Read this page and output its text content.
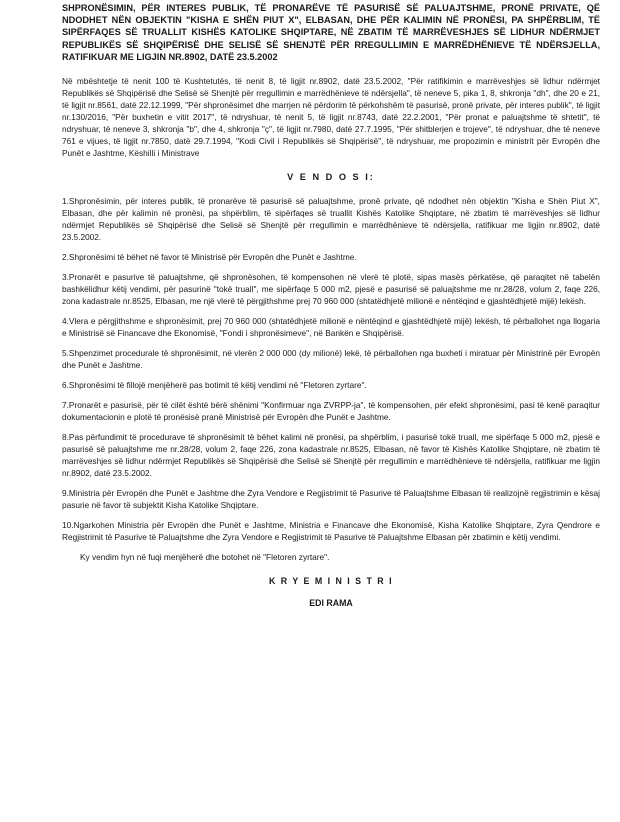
SHPRONËSIMIN, PËR INTERES PUBLIK, TË PRONARËVE TË PASURISË SË PALUAJTSHME, PRONË PRIVATE, QË NDODHET NËN OBJEKTIN "KISHA E SHËN PIUT X", ELBASAN, DHE PËR KALIMIN NË PRONËSI, PA SHPËRBLIM, TË SIPËRFAQES SË TRUALLIT KISHËS KATOLIKE SHQIPTARE, NË ZBATIM TË MARRËVESHJES SË LIDHUR NDËRMJET REPUBLIKËS SË SHQIPËRISË DHE SELISË SË SHENJTË PËR RREGULLIMIN E MARRËDHËNIEVE TË NDËRSJELLA, RATIFIKUAR ME LIGJIN NR.8902, DATË 23.5.2002

Në mbështetje të nenit 100 të Kushtetutës, të nenit 8, të ligjit nr.8902, datë 23.5.2002, "Për ratifikimin e marrëveshjes së lidhur ndërmjet Republikës së Shqipërisë dhe Selisë së Shenjtë për rregullimin e marrëdhënieve të ndërsjella", të neneve 5, pika 1, 8, shkronja "dh", dhe 20 e 21, të ligjit nr.8561, datë 22.12.1999, "Për shpronësimet dhe marrjen në përdorim të përkohshëm të pasurisë, pronë private, për interes publik", të ligjit nr.130/2016, "Për buxhetin e vitit 2017", të ndryshuar, të nenit 5, të ligjit nr.8743, datë 22.2.2001, "Për pronat e paluajtshme të shtetit", të ndryshuar, të neneve 3, shkronja "b", dhe 4, shkronja "ç", të ligjit nr.7980, datë 27.7.1995, "Për shitblerjen e trojeve", të ndryshuar, dhe të neneve 761 e vijues, të ligjit nr.7850, datë 29.7.1994, "Kodi Civil i Republikës së Shqipërisë", të ndryshuar, me propozimin e ministrit për Evropën dhe Punët e Jashtme, Këshilli i Ministrave

V E N D O S I:

1.Shpronësimin, për interes publik, të pronarëve të pasurisë së paluajtshme, pronë private, që ndodhet nën objektin "Kisha e Shën Piut X", Elbasan, dhe për kalimin në pronësi, pa shpërblim, të sipërfaqes së truallit Kishës Katolike Shqiptare, në zbatim të marrëveshjes së lidhur ndërmjet Republikës së Shqipërisë dhe Selisë së Shenjtë për rregullimin e marrëdhënieve të ndërsjella, ratifikuar me ligjin nr.8902, datë 23.5.2002.

2.Shpronësimi të bëhet në favor të Ministrisë për Evropën dhe Punët e Jashtme.

3.Pronarët e pasurive të paluajtshme, që shpronësohen, të kompensohen në vlerë të plotë, sipas masës përkatëse, që paraqitet në tabelën bashkëlidhur këtij vendimi, për pasurinë "tokë truall", me sipërfaqe 5 000 m2, pjesë e pasurisë së paluajtshme me nr.28/28, volum 2, faqe 226, zona kadastrale nr.8525, Elbasan, me një vlerë të përgjithshme prej 70 960 000 (shtatëdhjetë milionë e nëntëqind e gjashtëdhjetë mijë) lekësh.

4.Vlera e përgjithshme e shpronësimit, prej 70 960 000 (shtatëdhjetë milionë e nëntëqind e gjashtëdhjetë mijë) lekësh, të përballohet nga llogaria e Ministrisë së Financave dhe Ekonomisë, "Fondi i shpronësimeve", në Bankën e Shqipërisë.

5.Shpenzimet procedurale të shpronësimit, në vlerën 2 000 000 (dy milionë) lekë, të përballohen nga buxheti i miratuar për Ministrinë për Evropën dhe Punët e Jashtme.

6.Shpronësimi të fillojë menjëherë pas botimit të këtij vendimi në "Fletoren zyrtare".

7.Pronarët e pasurisë, për të cilët është bërë shënimi "Konfirmuar nga ZVRPP-ja", të kompensohen, për efekt shpronësimi, pasi të kenë paraqitur dokumentacionin e plotë të pronësisë pranë Ministrisë për Evropën dhe Punët e Jashtme.

8.Pas përfundimit të procedurave të shpronësimit të bëhet kalimi në pronësi, pa shpërblim, i pasurisë tokë truall, me sipërfaqe 5 000 m2, pjesë e pasurisë së paluajtshme me nr.28/28, volum 2, faqe 226, zona kadastrale nr.8525, Elbasan, në favor të Kishës Katolike Shqiptare, në zbatim të marrëveshjes së lidhur ndërmjet Republikës së Shqipërisë dhe Selisë së Shenjtë për rregullimin e marrëdhënieve të ndërsjella, ratifikuar me ligjin nr.8902, datë 23.5.2002.

9.Ministria për Evropën dhe Punët e Jashtme dhe Zyra Vendore e Regjistrimit të Pasurive të Paluajtshme Elbasan të realizojnë regjistrimin e kësaj pasurie në favor të subjektit Kisha Katolike Shqiptare.

10.Ngarkohen Ministria për Evropën dhe Punët e Jashtme, Ministria e Financave dhe Ekonomisë, Kisha Katolike Shqiptare, Zyra Qendrore e Regjistrimit të Pasurive të Paluajtshme dhe Zyra Vendore e Regjistrimit të Pasurive të Paluajtshme Elbasan për zbatimin e këtij vendimi.

Ky vendim hyn në fuqi menjëherë dhe botohet në "Fletoren zyrtare".

K R Y E M I N I S T R I
EDI RAMA
